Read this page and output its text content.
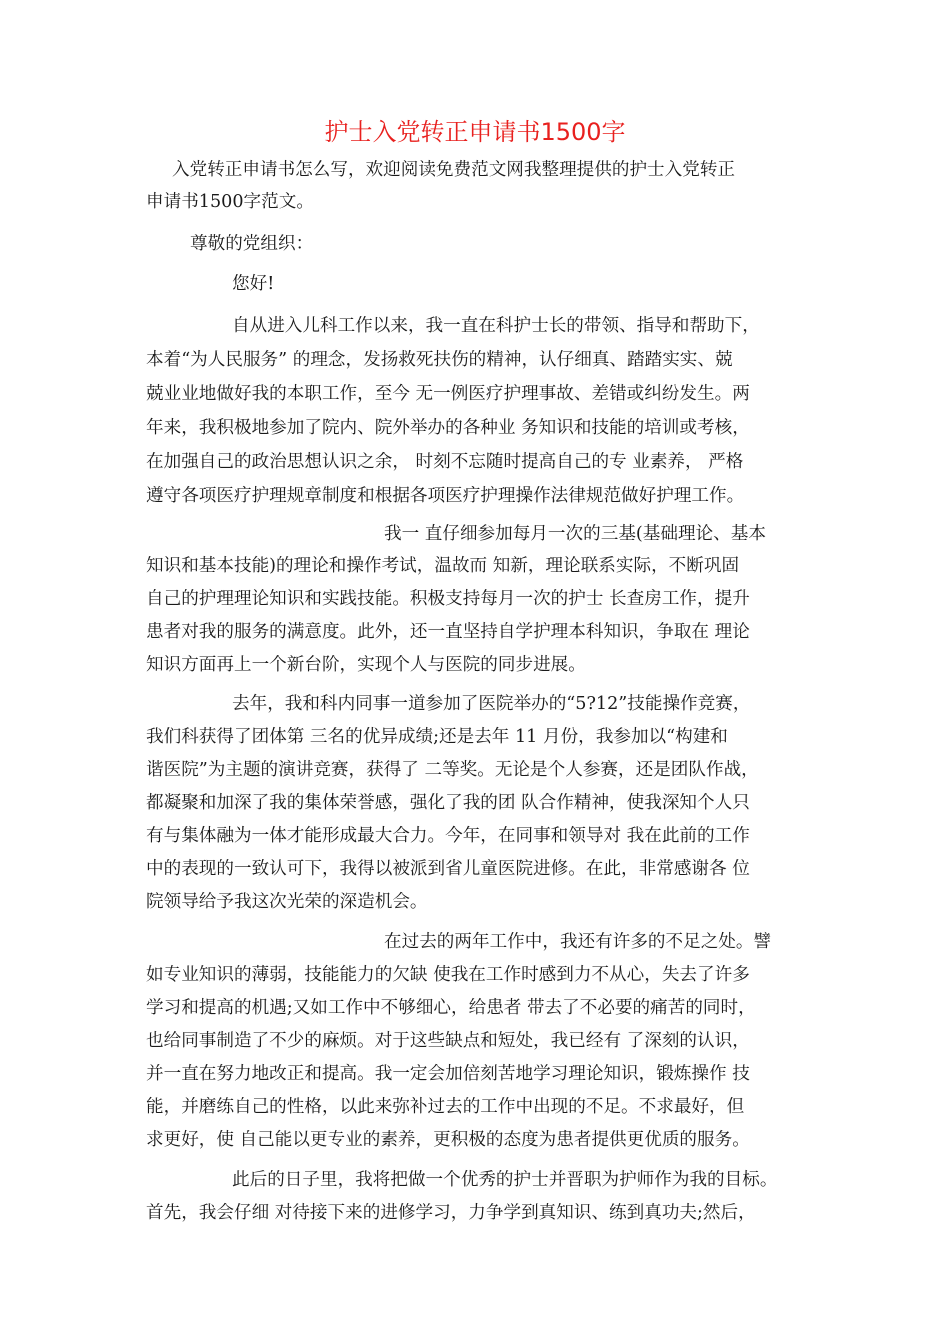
护士入党转正申请书1500字
入党转正申请书怎么写，欢迎阅读免费范文网我整理提供的护士入党转正
申请书1500字范文。
尊敬的党组织：
您好!
自从进入儿科工作以来，我一直在科护士长的带领、指导和帮助下，
本着“为人民服务” 的理念，发扬救死扶伤的精神，认仔细真、踏踏实实、兢
兢业业地做好我的本职工作，至今 无一例医疗护理事故、差错或纠纷发生。两
年来，我积极地参加了院内、院外举办的各种业 务知识和技能的培训或考核，
在加强自己的政治思想认识之余， 时刻不忘随时提高自己的专 业素养， 严格
遵守各项医疗护理规章制度和根据各项医疗护理操作法律规范做好护理工作。
我一 直仔细参加每月一次的三基(基础理论、基本
知识和基本技能)的理论和操作考试，温故而 知新，理论联系实际，不断巩固
自己的护理理论知识和实践技能。积极支持每月一次的护士 长查房工作，提升
患者对我的服务的满意度。此外，还一直坚持自学护理本科知识，争取在 理论
知识方面再上一个新台阶，实现个人与医院的同步进展。
去年，我和科内同事一道参加了医院举办的“5?12”技能操作竞赛，
我们科获得了团体第 三名的优异成绩;还是去年 11 月份，我参加以“构建和
谐医院”为主题的演讲竞赛，获得了 二等奖。无论是个人参赛，还是团队作战，
都凝聚和加深了我的集体荣誉感，强化了我的团 队合作精神，使我深知个人只
有与集体融为一体才能形成最大合力。今年，在同事和领导对 我在此前的工作
中的表现的一致认可下，我得以被派到省儿童医院进修。在此，非常感谢各 位
院领导给予我这次光荣的深造机会。
在过去的两年工作中，我还有许多的不足之处。譬
如专业知识的薄弱，技能能力的欠缺 使我在工作时感到力不从心，失去了许多
学习和提高的机遇;又如工作中不够细心，给患者 带去了不必要的痛苦的同时，
也给同事制造了不少的麻烦。对于这些缺点和短处，我已经有 了深刻的认识，
并一直在努力地改正和提高。我一定会加倍刻苦地学习理论知识，锻炼操作 技
能，并磨练自己的性格，以此来弥补过去的工作中出现的不足。不求最好，但
求更好，使 自己能以更专业的素养，更积极的态度为患者提供更优质的服务。
此后的日子里，我将把做一个优秀的护士并晋职为护师作为我的目标。
首先，我会仔细 对待接下来的进修学习，力争学到真知识、练到真功夫;然后，
